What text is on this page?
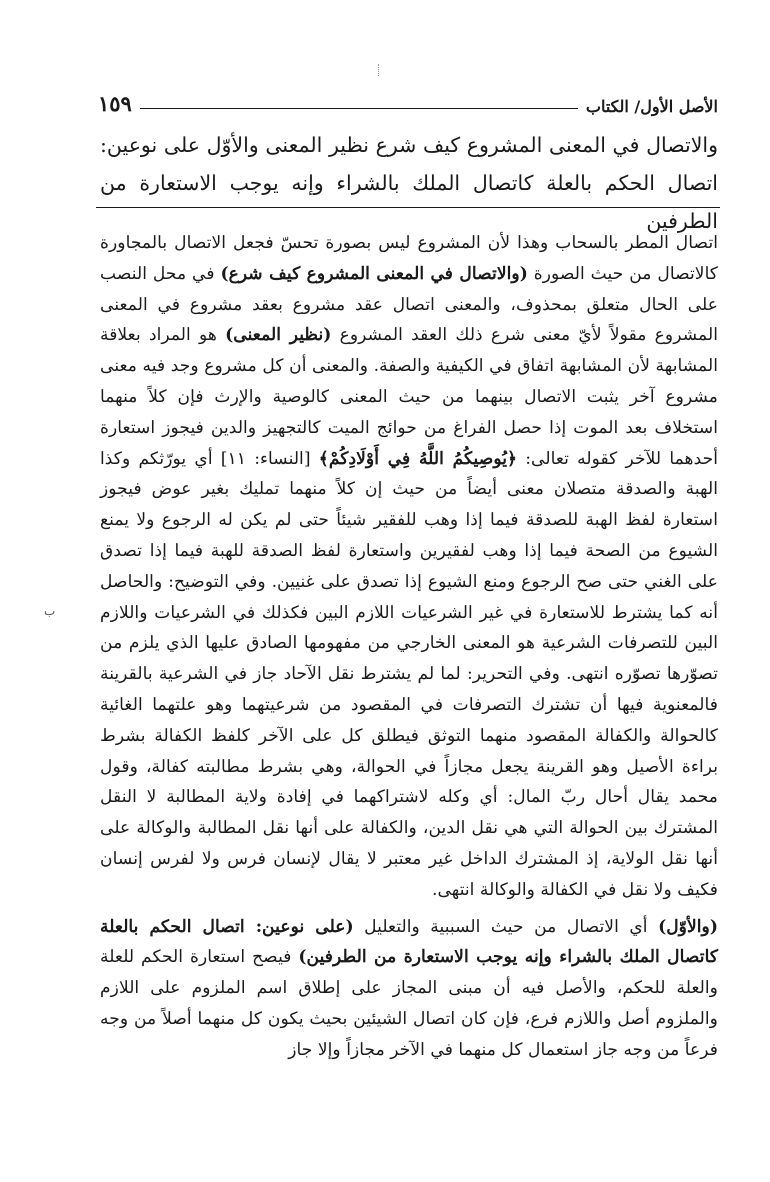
الأصل الأول/ الكتاب
١٥٩

والاتصال في المعنى المشروع كيف شرع نظير المعنى والأوّل على نوعين: اتصال الحكم بالعلة كاتصال الملك بالشراء وإنه يوجب الاستعارة من الطرفين

اتصال المطر بالسحاب وهذا لأن المشروع ليس بصورة تحسّ فجعل الاتصال بالمجاورة كالاتصال من حيث الصورة (والاتصال في المعنى المشروع كيف شرع) في محل النصب على الحال متعلق بمحذوف، والمعنى اتصال عقد مشروع بعقد مشروع في المعنى المشروع مقولاً لأيّ معنى شرع ذلك العقد المشروع (نظير المعنى) هو المراد بعلاقة المشابهة لأن المشابهة اتفاق في الكيفية والصفة. والمعنى أن كل مشروع وجد فيه معنى مشروع آخر يثبت الاتصال بينهما من حيث المعنى كالوصية والإرث فإن كلاً منهما استخلاف بعد الموت إذا حصل الفراغ من حوائج الميت كالتجهيز والدين فيجوز استعارة أحدهما للآخر كقوله تعالى: ﴿يُوصِيكُمُ اللَّهُ فِي أَوْلَادِكُمْ﴾ [النساء: ١١] أي يورّثكم وكذا الهبة والصدقة متصلان معنى أيضاً من حيث إن كلاً منهما تمليك بغير عوض فيجوز استعارة لفظ الهبة للصدقة فيما إذا وهب للفقير شيئاً حتى لم يكن له الرجوع ولا يمنع الشيوع من الصحة فيما إذا وهب لفقيرين واستعارة لفظ الصدقة للهبة فيما إذا تصدق على الغني حتى صح الرجوع ومنع الشيوع إذا تصدق على غنيين. وفي التوضيح: والحاصل أنه كما يشترط للاستعارة في غير الشرعيات اللازم البين فكذلك في الشرعيات واللازم البين للتصرفات الشرعية هو المعنى الخارجي من مفهومها الصادق عليها الذي يلزم من تصوّرها تصوّره انتهى. وفي التحرير: لما لم يشترط نقل الآحاد جاز في الشرعية بالقرينة فالمعنوية فيها أن تشترك التصرفات في المقصود من شرعيتهما وهو علتهما الغائية كالحوالة والكفالة المقصود منهما التوثق فيطلق كل على الآخر كلفظ الكفالة بشرط براءة الأصيل وهو القرينة يجعل مجازاً في الحوالة، وهي بشرط مطالبته كفالة، وقول محمد يقال أحال ربّ المال: أي وكله لاشتراكهما في إفادة ولاية المطالبة لا النقل المشترك بين الحوالة التي هي نقل الدين، والكفالة على أنها نقل المطالبة والوكالة على أنها نقل الولاية، إذ المشترك الداخل غير معتبر لا يقال لإنسان فرس ولا لفرس إنسان فكيف ولا نقل في الكفالة والوكالة انتهى.

(والأوّل) أي الاتصال من حيث السببية والتعليل (على نوعين: اتصال الحكم بالعلة كاتصال الملك بالشراء وإنه يوجب الاستعارة من الطرفين) فيصح استعارة الحكم للعلة والعلة للحكم، والأصل فيه أن مبنى المجاز على إطلاق اسم الملزوم على اللازم والملزوم أصل واللازم فرع، فإن كان اتصال الشيئين بحيث يكون كل منهما أصلاً من وجه فرعاً من وجه جاز استعمال كل منهما في الآخر مجازاً وإلا جاز

ب
